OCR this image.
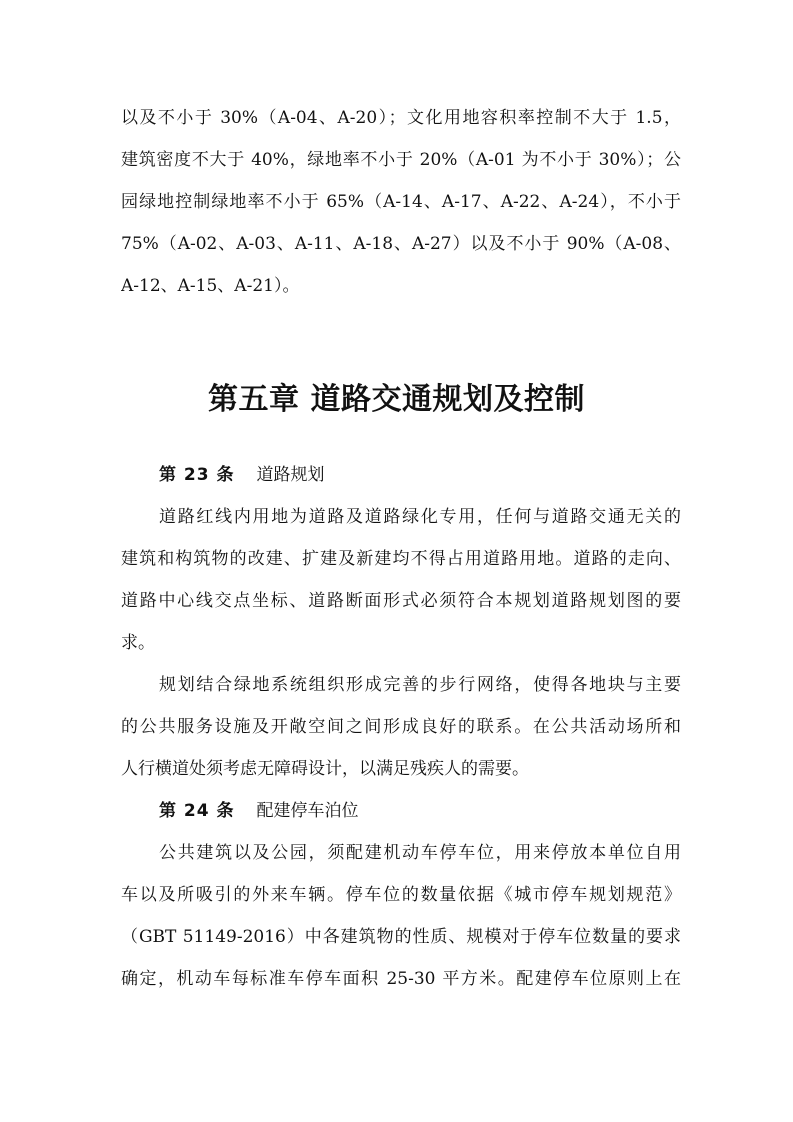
以及不小于 30%（A-04、A-20）；文化用地容积率控制不大于 1.5，
建筑密度不大于 40%，绿地率不小于 20%（A-01 为不小于 30%）；公
园绿地控制绿地率不小于 65%（A-14、A-17、A-22、A-24），不小于
75%（A-02、A-03、A-11、A-18、A-27）以及不小于 90%（A-08、
A-12、A-15、A-21）。
第五章 道路交通规划及控制
第 23 条 道路规划
道路红线内用地为道路及道路绿化专用，任何与道路交通无关的
建筑和构筑物的改建、扩建及新建均不得占用道路用地。道路的走向、
道路中心线交点坐标、道路断面形式必须符合本规划道路规划图的要
求。
规划结合绿地系统组织形成完善的步行网络，使得各地块与主要
的公共服务设施及开敞空间之间形成良好的联系。在公共活动场所和
人行横道处须考虑无障碍设计，以满足残疾人的需要。
第 24 条 配建停车泊位
公共建筑以及公园，须配建机动车停车位，用来停放本单位自用
车以及所吸引的外来车辆。停车位的数量依据《城市停车规划规范》
（GBT 51149-2016）中各建筑物的性质、规模对于停车位数量的要求
确定，机动车每标准车停车面积 25-30 平方米。配建停车位原则上在
